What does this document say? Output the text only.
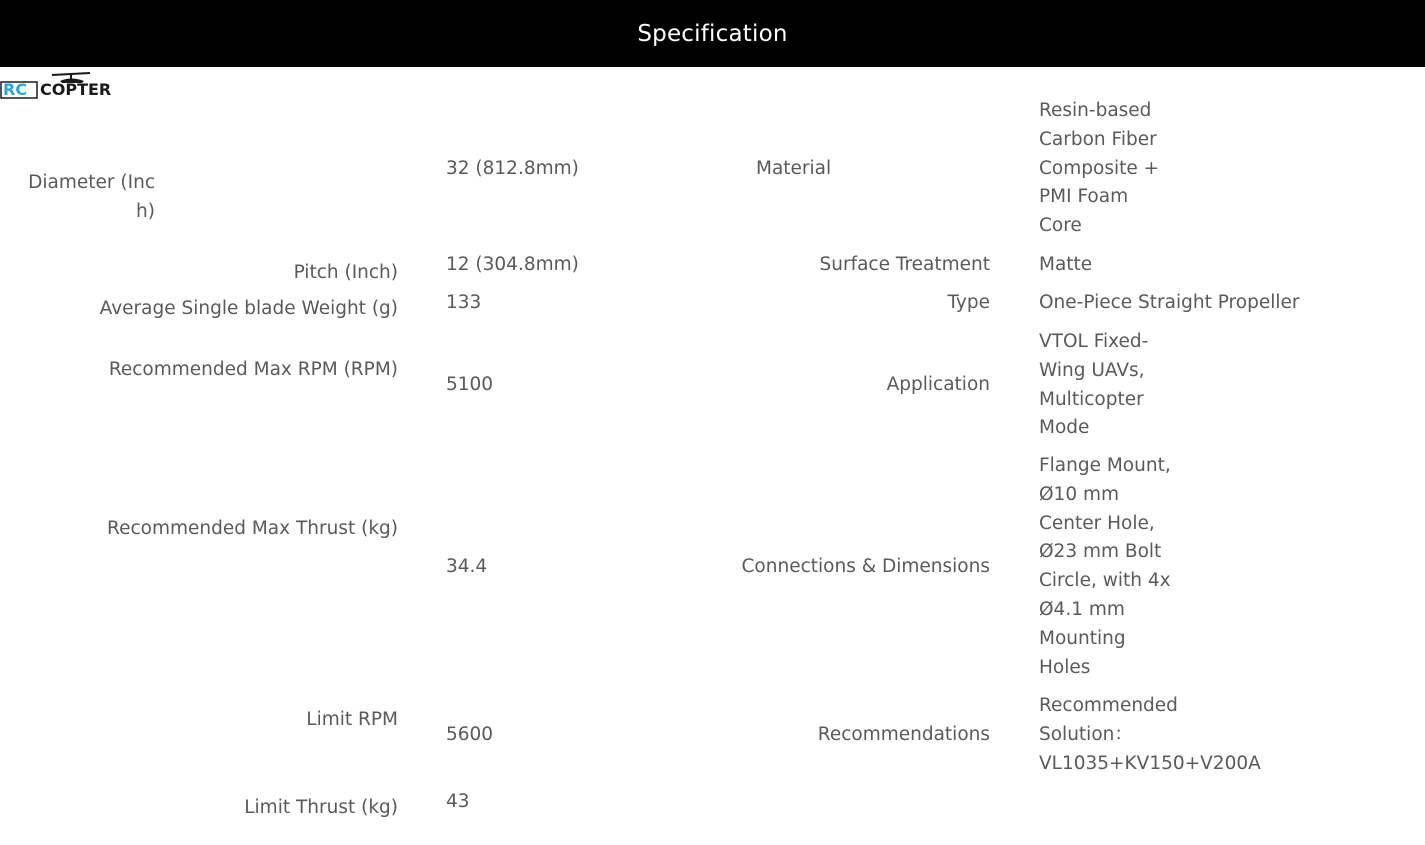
Specification
RC COPTER
Diameter (Inc
h)
Pitch (Inch)
Average Single blade Weight (g)
Recommended Max RPM (RPM)
Recommended Max Thrust (kg)
Limit RPM
Limit Thrust (kg)
32 (812.8mm)
12 (304.8mm)
133
5100
34.4
5600
43
Material
Surface Treatment
Type
Application
Connections & Dimensions
Recommendations
Resin-based
Carbon Fiber
Composite +
PMI Foam
Core
Matte
One-Piece Straight Propeller
VTOL Fixed-
Wing UAVs,
Multicopter
Mode
Flange Mount,
Ø10 mm
Center Hole,
Ø23 mm Bolt
Circle, with 4x
Ø4.1 mm
Mounting
Holes
Recommended
Solution：
VL1035+KV150+V200A
